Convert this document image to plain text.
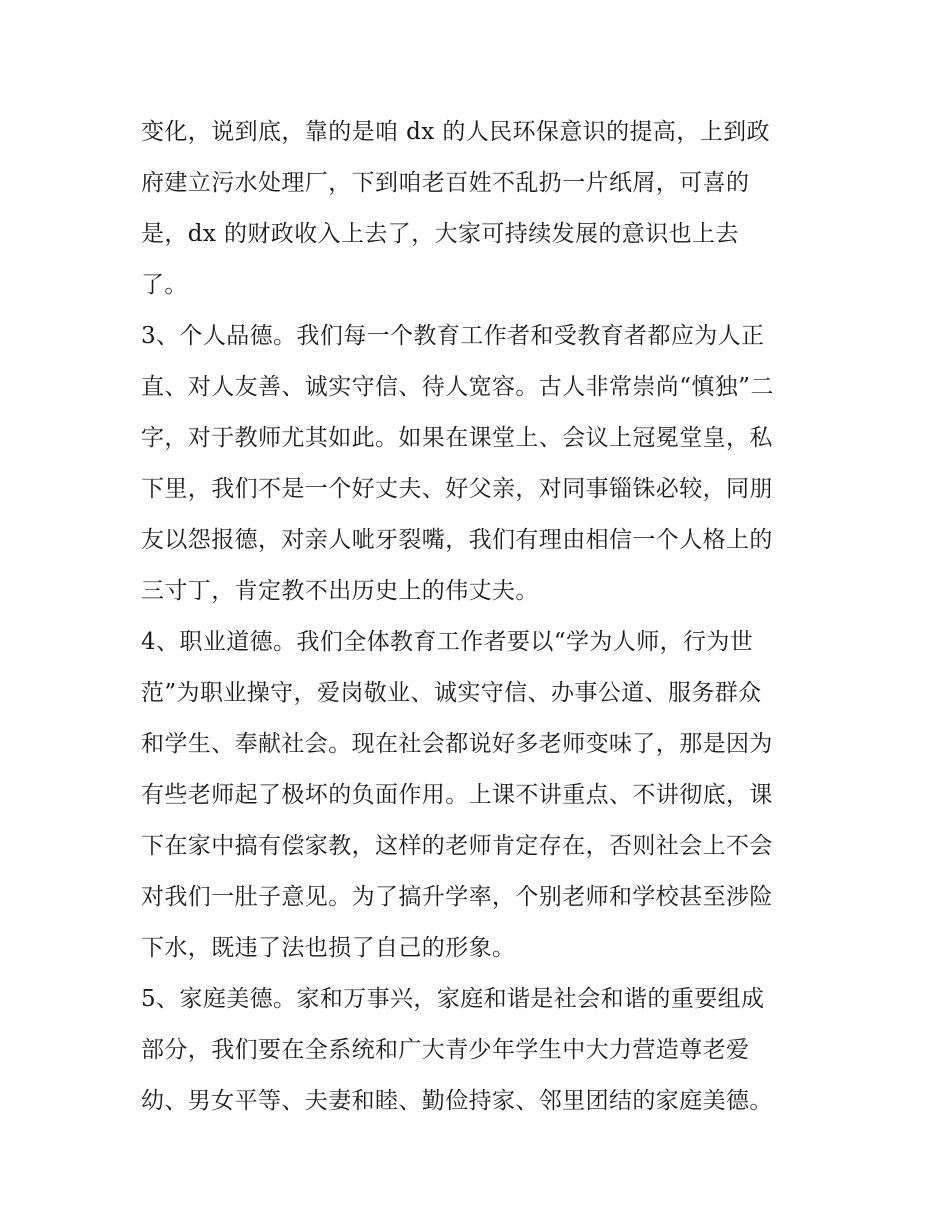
变化，说到底，靠的是咱 dx 的人民环保意识的提高，上到政
府建立污水处理厂，下到咱老百姓不乱扔一片纸屑，可喜的
是，dx 的财政收入上去了，大家可持续发展的意识也上去
了。
3、个人品德。我们每一个教育工作者和受教育者都应为人正
直、对人友善、诚实守信、待人宽容。古人非常崇尚“慎独”二
字，对于教师尤其如此。如果在课堂上、会议上冠冕堂皇，私
下里，我们不是一个好丈夫、好父亲，对同事锱铢必较，同朋
友以怨报德，对亲人呲牙裂嘴，我们有理由相信一个人格上的
三寸丁，肯定教不出历史上的伟丈夫。
4、职业道德。我们全体教育工作者要以“学为人师，行为世
范”为职业操守，爱岗敬业、诚实守信、办事公道、服务群众
和学生、奉献社会。现在社会都说好多老师变味了，那是因为
有些老师起了极坏的负面作用。上课不讲重点、不讲彻底，课
下在家中搞有偿家教，这样的老师肯定存在，否则社会上不会
对我们一肚子意见。为了搞升学率，个别老师和学校甚至涉险
下水，既违了法也损了自己的形象。
5、家庭美德。家和万事兴，家庭和谐是社会和谐的重要组成
部分，我们要在全系统和广大青少年学生中大力营造尊老爱
幼、男女平等、夫妻和睦、勤俭持家、邻里团结的家庭美德。
